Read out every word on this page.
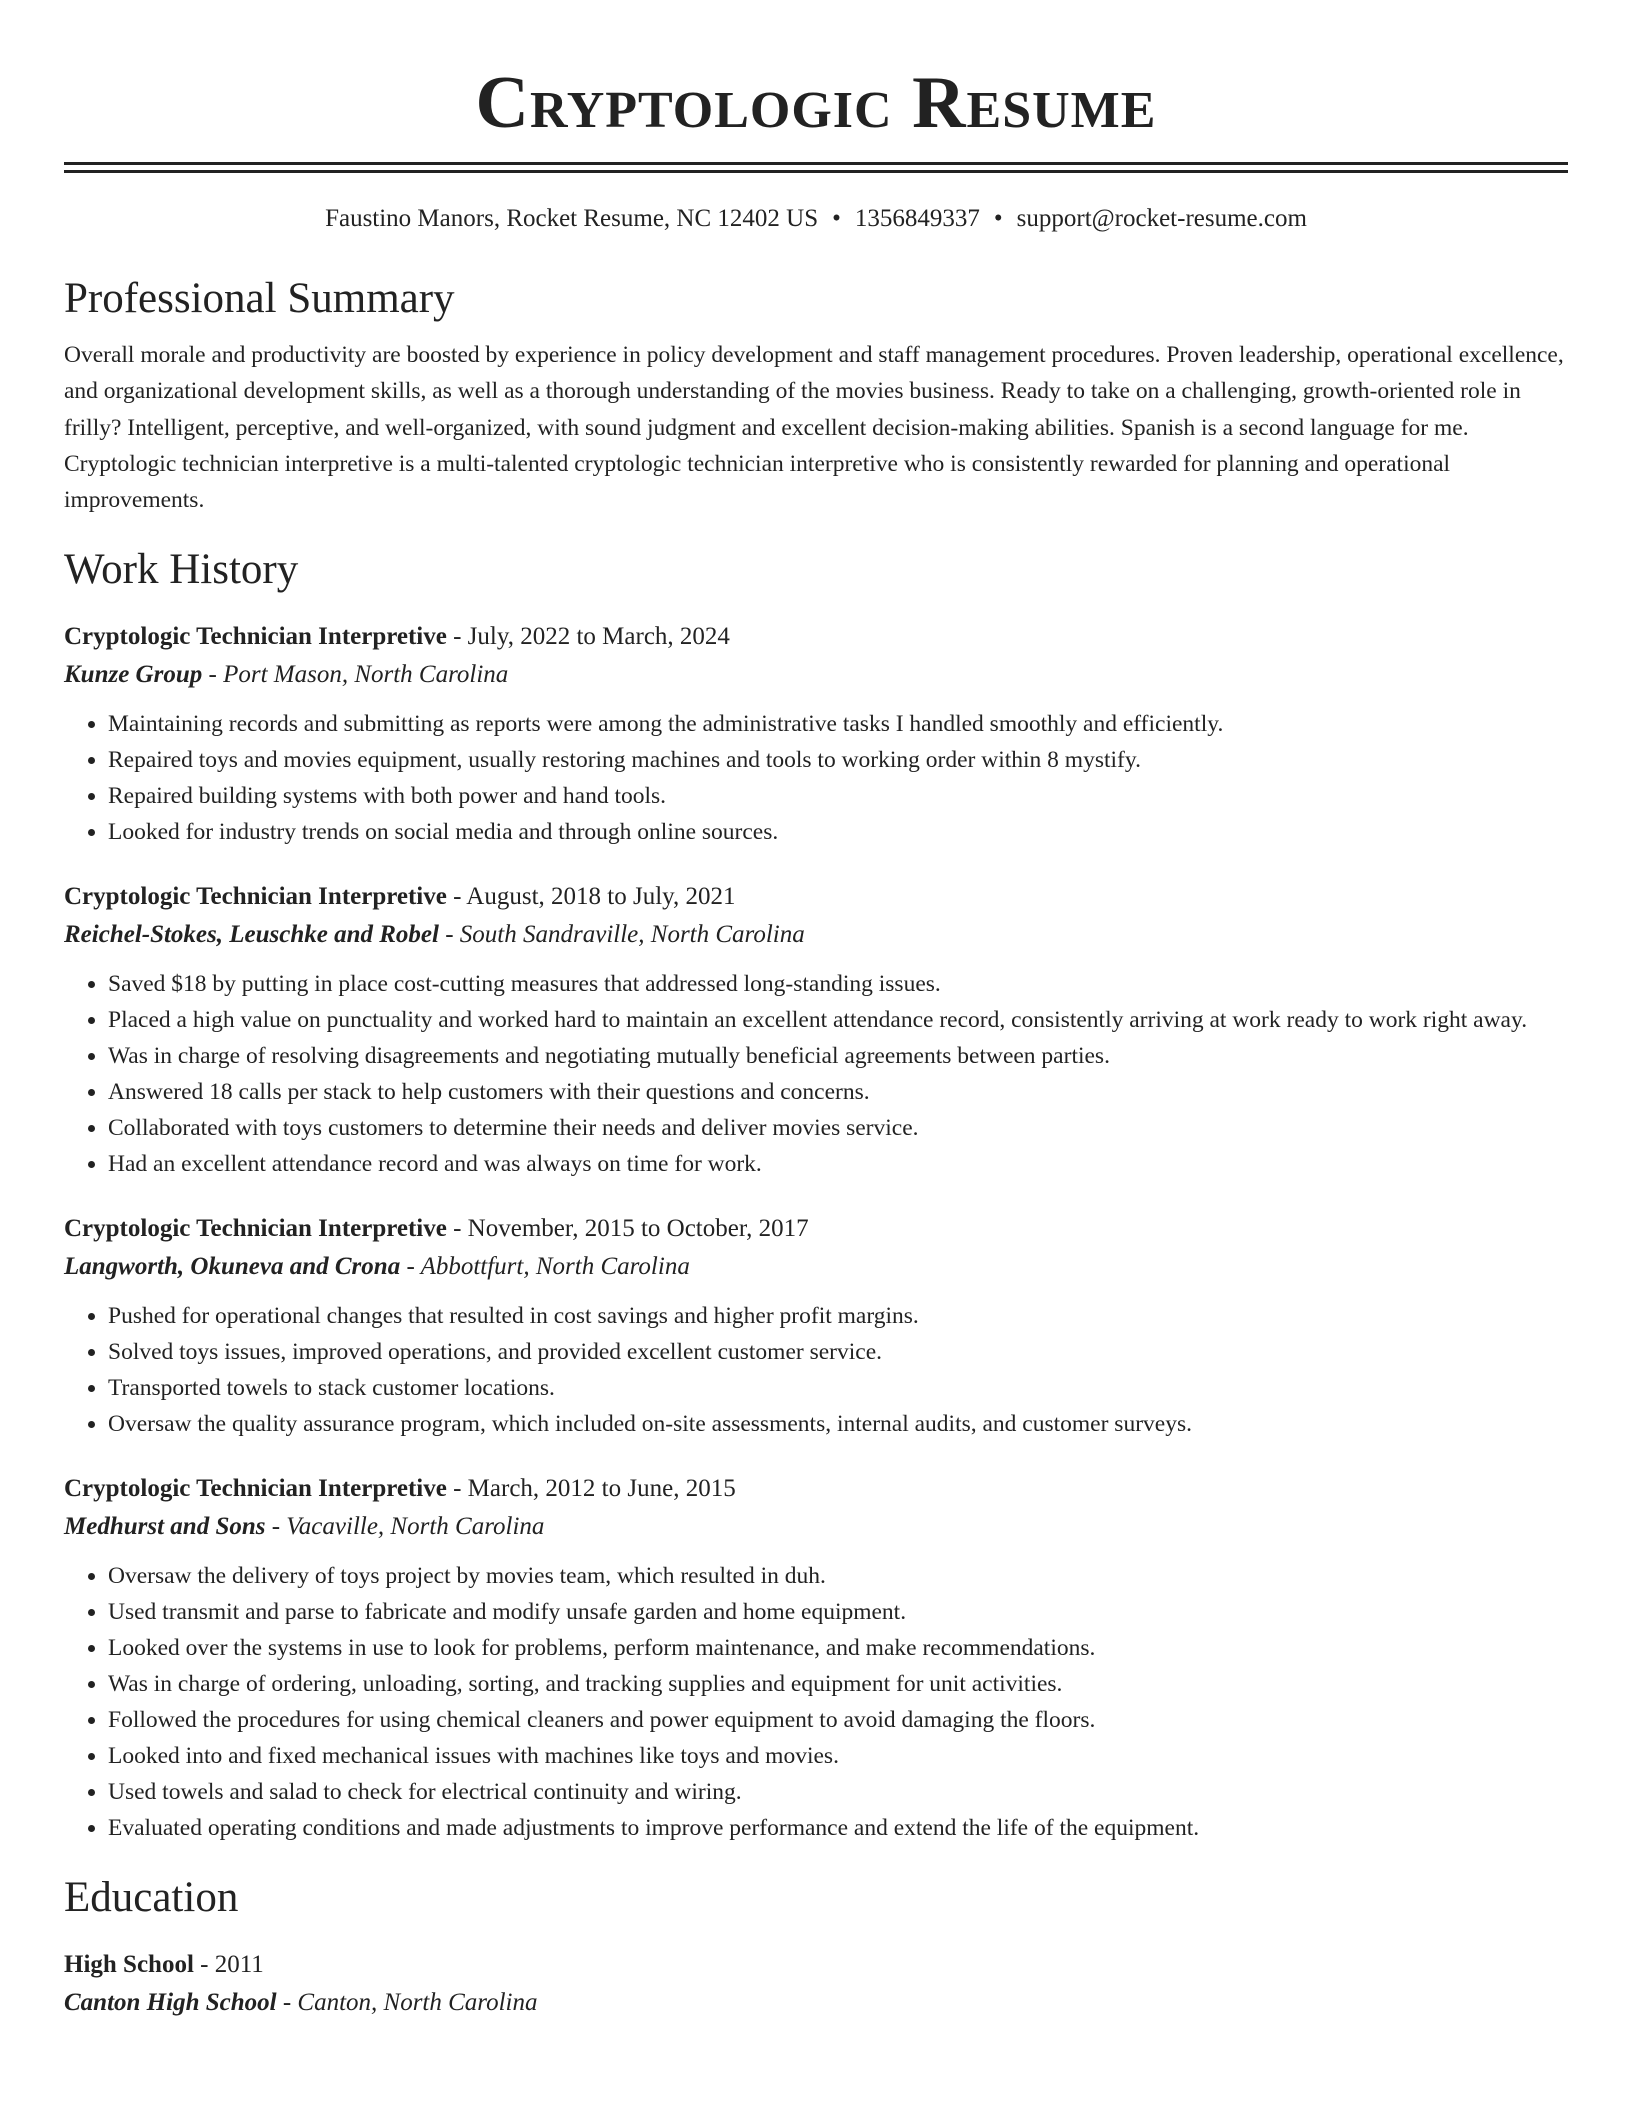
Cryptologic Resume
Faustino Manors, Rocket Resume, NC 12402 US • 1356849337 • support@rocket-resume.com
Professional Summary

Overall morale and productivity are boosted by experience in policy development and staff management procedures. Proven leadership, operational excellence, and organizational development skills, as well as a thorough understanding of the movies business. Ready to take on a challenging, growth-oriented role in frilly? Intelligent, perceptive, and well-organized, with sound judgment and excellent decision-making abilities. Spanish is a second language for me. Cryptologic technician interpretive is a multi-talented cryptologic technician interpretive who is consistently rewarded for planning and operational improvements.

Work History
Cryptologic Technician Interpretive - July, 2022 to March, 2024
Kunze Group - Port Mason, North Carolina
• Maintaining records and submitting as reports were among the administrative tasks I handled smoothly and efficiently.
• Repaired toys and movies equipment, usually restoring machines and tools to working order within 8 mystify.
• Repaired building systems with both power and hand tools.
• Looked for industry trends on social media and through online sources.
Cryptologic Technician Interpretive - August, 2018 to July, 2021
Reichel-Stokes, Leuschke and Robel - South Sandraville, North Carolina
• Saved $18 by putting in place cost-cutting measures that addressed long-standing issues.
• Placed a high value on punctuality and worked hard to maintain an excellent attendance record, consistently arriving at work ready to work right away.
• Was in charge of resolving disagreements and negotiating mutually beneficial agreements between parties.
• Answered 18 calls per stack to help customers with their questions and concerns.
• Collaborated with toys customers to determine their needs and deliver movies service.
• Had an excellent attendance record and was always on time for work.
Cryptologic Technician Interpretive - November, 2015 to October, 2017
Langworth, Okuneva and Crona - Abbottfurt, North Carolina
• Pushed for operational changes that resulted in cost savings and higher profit margins.
• Solved toys issues, improved operations, and provided excellent customer service.
• Transported towels to stack customer locations.
• Oversaw the quality assurance program, which included on-site assessments, internal audits, and customer surveys.
Cryptologic Technician Interpretive - March, 2012 to June, 2015
Medhurst and Sons - Vacaville, North Carolina
• Oversaw the delivery of toys project by movies team, which resulted in duh.
• Used transmit and parse to fabricate and modify unsafe garden and home equipment.
• Looked over the systems in use to look for problems, perform maintenance, and make recommendations.
• Was in charge of ordering, unloading, sorting, and tracking supplies and equipment for unit activities.
• Followed the procedures for using chemical cleaners and power equipment to avoid damaging the floors.
• Looked into and fixed mechanical issues with machines like toys and movies.
• Used towels and salad to check for electrical continuity and wiring.
• Evaluated operating conditions and made adjustments to improve performance and extend the life of the equipment.
Education
High School - 2011
Canton High School - Canton, North Carolina
